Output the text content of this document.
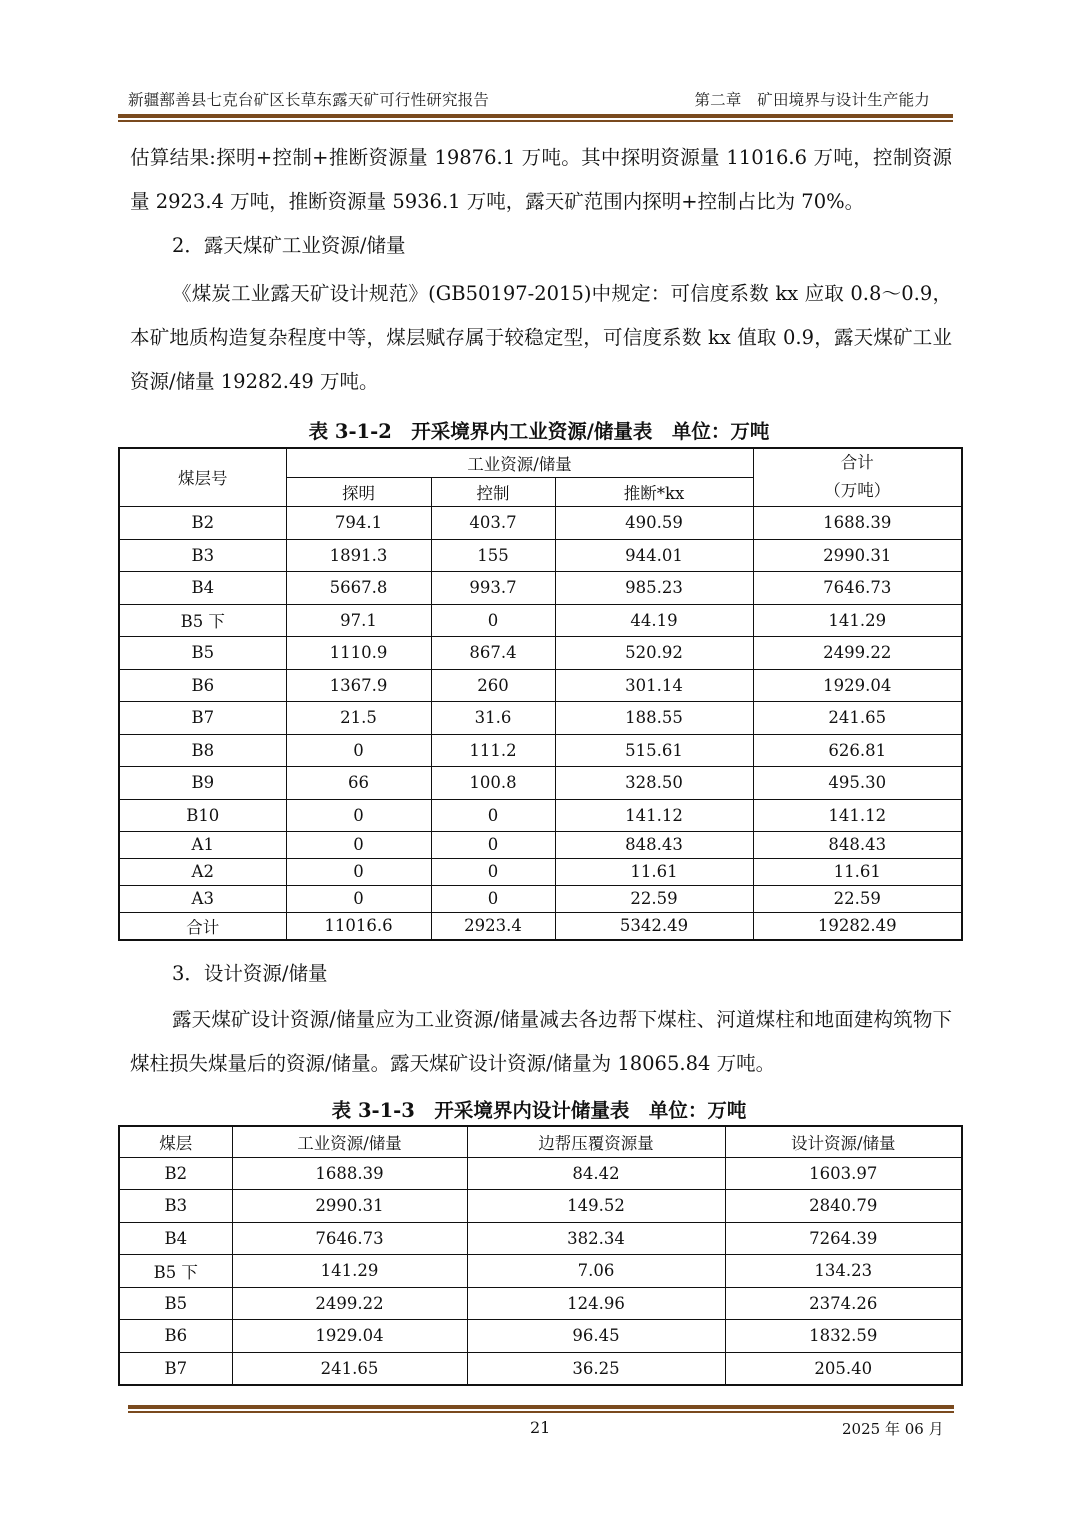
新疆鄯善县七克台矿区长草东露天矿可行性研究报告	第二章　矿田境界与设计生产能力
估算结果:探明+控制+推断资源量 19876.1 万吨。其中探明资源量 11016.6 万吨，控制资源量 2923.4 万吨，推断资源量 5936.1 万吨，露天矿范围内探明+控制占比为 70%。
2．露天煤矿工业资源/储量
《煤炭工业露天矿设计规范》(GB50197-2015)中规定：可信度系数 kx 应取 0.8～0.9，本矿地质构造复杂程度中等，煤层赋存属于较稳定型，可信度系数 kx 值取 0.9，露天煤矿工业资源/储量 19282.49 万吨。
表 3-1-2　开采境界内工业资源/储量表　单位：万吨
煤层号	工业资源/储量			合计
（万吨）

	探明	控制	推断*kx	
B2	794.1	403.7	490.59	1688.39
B3	1891.3	155	944.01	2990.31
B4	5667.8	993.7	985.23	7646.73
B5 下	97.1	0	44.19	141.29
B5	1110.9	867.4	520.92	2499.22
B6	1367.9	260	301.14	1929.04
B7	21.5	31.6	188.55	241.65
B8	0	111.2	515.61	626.81
B9	66	100.8	328.50	495.30
B10	0	0	141.12	141.12
A1	0	0	848.43	848.43
A2	0	0	11.61	11.61
A3	0	0	22.59	22.59
合计	11016.6	2923.4	5342.49	19282.49
3．设计资源/储量
露天煤矿设计资源/储量应为工业资源/储量减去各边帮下煤柱、河道煤柱和地面建构筑物下煤柱损失煤量后的资源/储量。露天煤矿设计资源/储量为 18065.84 万吨。
表 3-1-3　开采境界内设计储量表　单位：万吨
煤层	工业资源/储量	边帮压覆资源量	设计资源/储量
B2	1688.39	84.42	1603.97
B3	2990.31	149.52	2840.79
B4	7646.73	382.34	7264.39
B5 下	141.29	7.06	134.23
B5	2499.22	124.96	2374.26
B6	1929.04	96.45	1832.59
B7	241.65	36.25	205.40
21	2025 年 06 月
